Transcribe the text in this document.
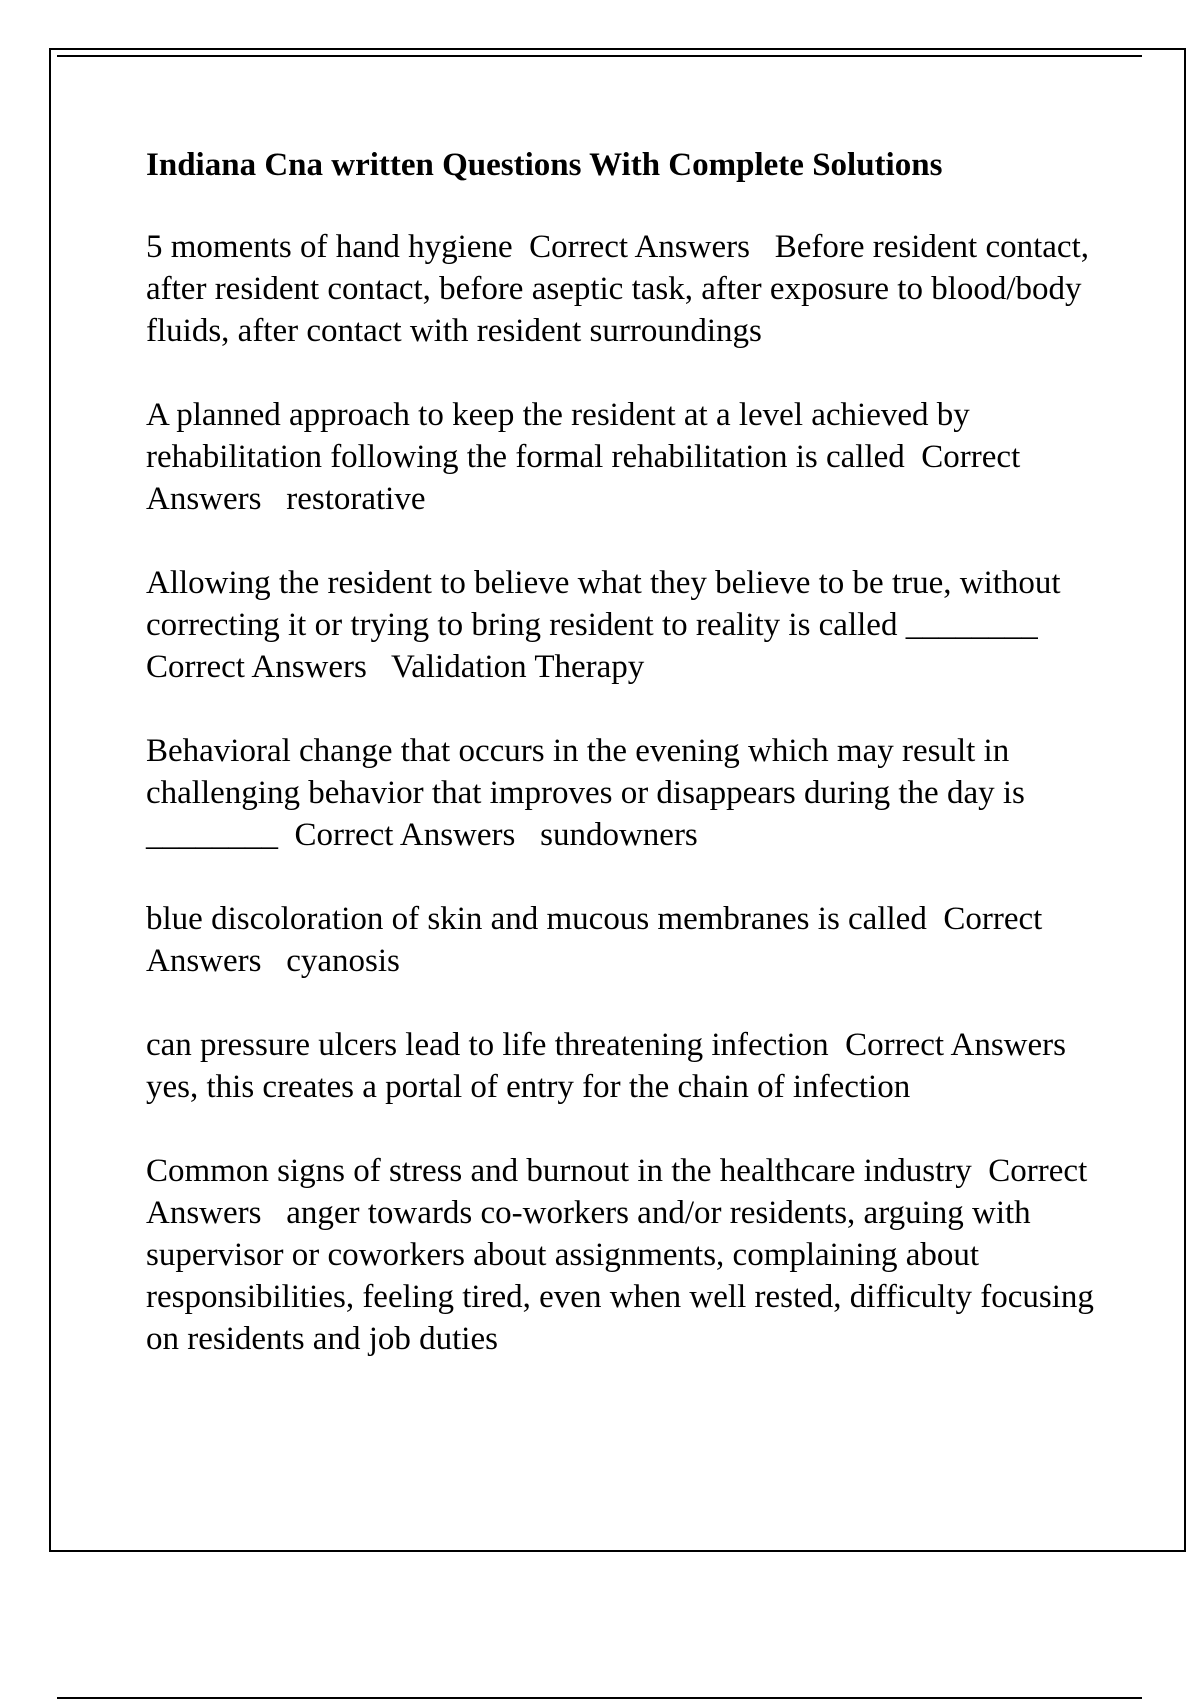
Indiana Cna written Questions With Complete Solutions
5 moments of hand hygiene Correct Answers Before resident contact, after resident contact, before aseptic task, after exposure to blood/body fluids, after contact with resident surroundings
A planned approach to keep the resident at a level achieved by rehabilitation following the formal rehabilitation is called Correct Answers restorative
Allowing the resident to believe what they believe to be true, without correcting it or trying to bring resident to reality is called ________  Correct Answers Validation Therapy
Behavioral change that occurs in the evening which may result in challenging behavior that improves or disappears during the day is ________ Correct Answers sundowners
blue discoloration of skin and mucous membranes is called Correct Answers cyanosis
can pressure ulcers lead to life threatening infection Correct Answers   yes, this creates a portal of entry for the chain of infection
Common signs of stress and burnout in the healthcare industry Correct Answers anger towards co-workers and/or residents, arguing with supervisor or coworkers about assignments, complaining about responsibilities, feeling tired, even when well rested, difficulty focusing on residents and job duties
